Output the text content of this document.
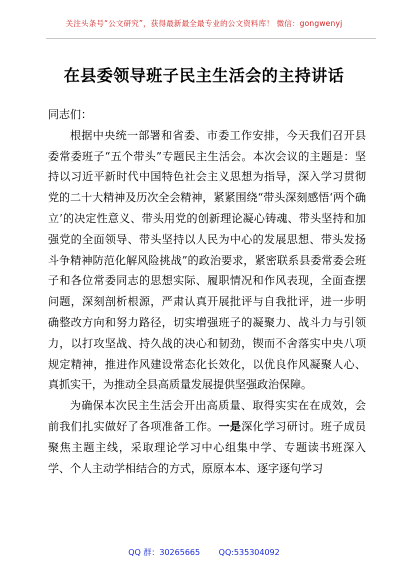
关注头条号“公文研究”，获得最新最全最专业的公文资料库！ 微信：gongwenyj
在县委领导班子民主生活会的主持讲话

同志们：

根据中央统一部署和省委、市委工作安排，今天我们召开县委常委班子“五个带头”专题民主生活会。本次会议的主题是：坚持以习近平新时代中国特色社会主义思想为指导，深入学习贯彻党的二十大精神及历次全会精神，紧紧围绕“带头深刻感悟‘两个确立’的决定性意义、带头用党的创新理论凝心铸魂、带头坚持和加强党的全面领导、带头坚持以人民为中心的发展思想、带头发扬斗争精神防范化解风险挑战”的政治要求，紧密联系县委常委会班子和各位常委同志的思想实际、履职情况和作风表现，全面查摆问题，深刻剖析根源，严肃认真开展批评与自我批评，进一步明确整改方向和努力路径，切实增强班子的凝聚力、战斗力与引领力，以打攻坚战、持久战的决心和韧劲，锲而不舍落实中央八项规定精神，推进作风建设常态化长效化，以优良作风凝聚人心、真抓实干，为推动全县高质量发展提供坚强政治保障。

为确保本次民主生活会开出高质量、取得实实在在成效，会前我们扎实做好了各项准备工作。一是深化学习研讨。班子成员聚焦主题主线，采取理论学习中心组集中学、专题读书班深入学、个人主动学相结合的方式，原原本本、逐字逐句学习

QQ 群：30265665 QQ:535304092
